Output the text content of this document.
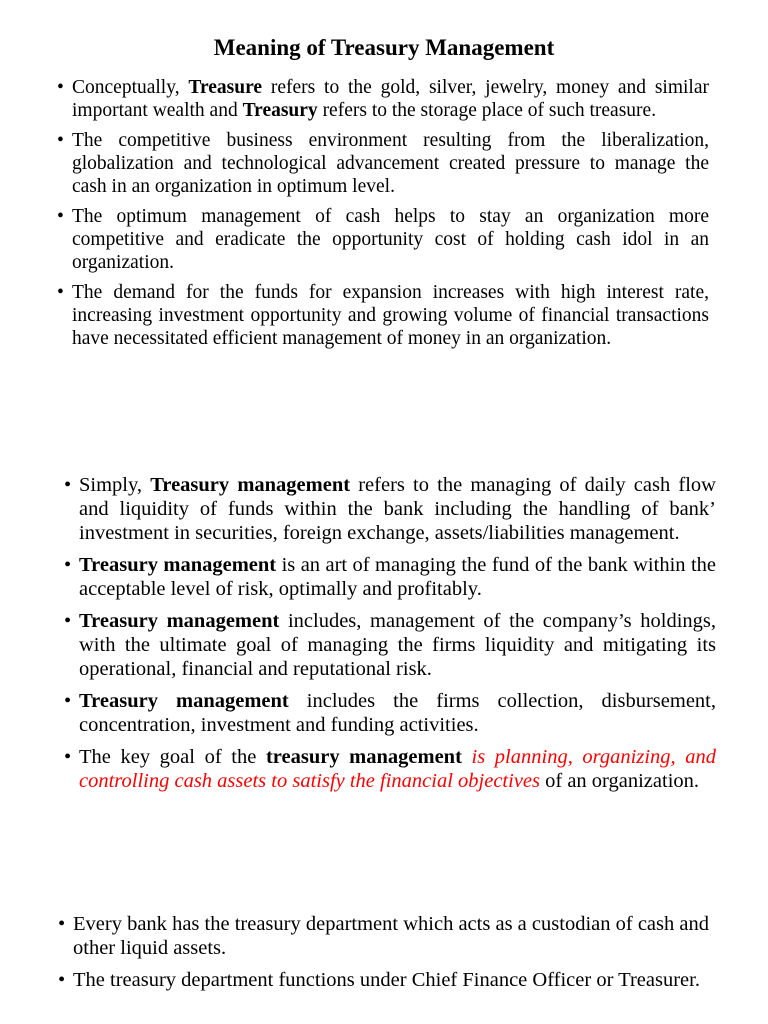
Meaning of Treasury Management
• Conceptually, Treasure refers to the gold, silver, jewelry, money and similar important wealth and Treasury refers to the storage place of such treasure.
• The competitive business environment resulting from the liberalization, globalization and technological advancement created pressure to manage the cash in an organization in optimum level.
• The optimum management of cash helps to stay an organization more competitive and eradicate the opportunity cost of holding cash idol in an organization.
• The demand for the funds for expansion increases with high interest rate, increasing investment opportunity and growing volume of financial transactions have necessitated efficient management of money in an organization.
• Simply, Treasury management refers to the managing of daily cash flow and liquidity of funds within the bank including the handling of bank’ investment in securities, foreign exchange, assets/liabilities management.
• Treasury management is an art of managing the fund of the bank within the acceptable level of risk, optimally and profitably.
• Treasury management includes, management of the company’s holdings, with the ultimate goal of managing the firms liquidity and mitigating its operational, financial and reputational risk.
• Treasury management includes the firms collection, disbursement, concentration, investment and funding activities.
• The key goal of the treasury management is planning, organizing, and controlling cash assets to satisfy the financial objectives of an organization.
• Every bank has the treasury department which acts as a custodian of cash and other liquid assets.
• The treasury department functions under Chief Finance Officer or Treasurer.
